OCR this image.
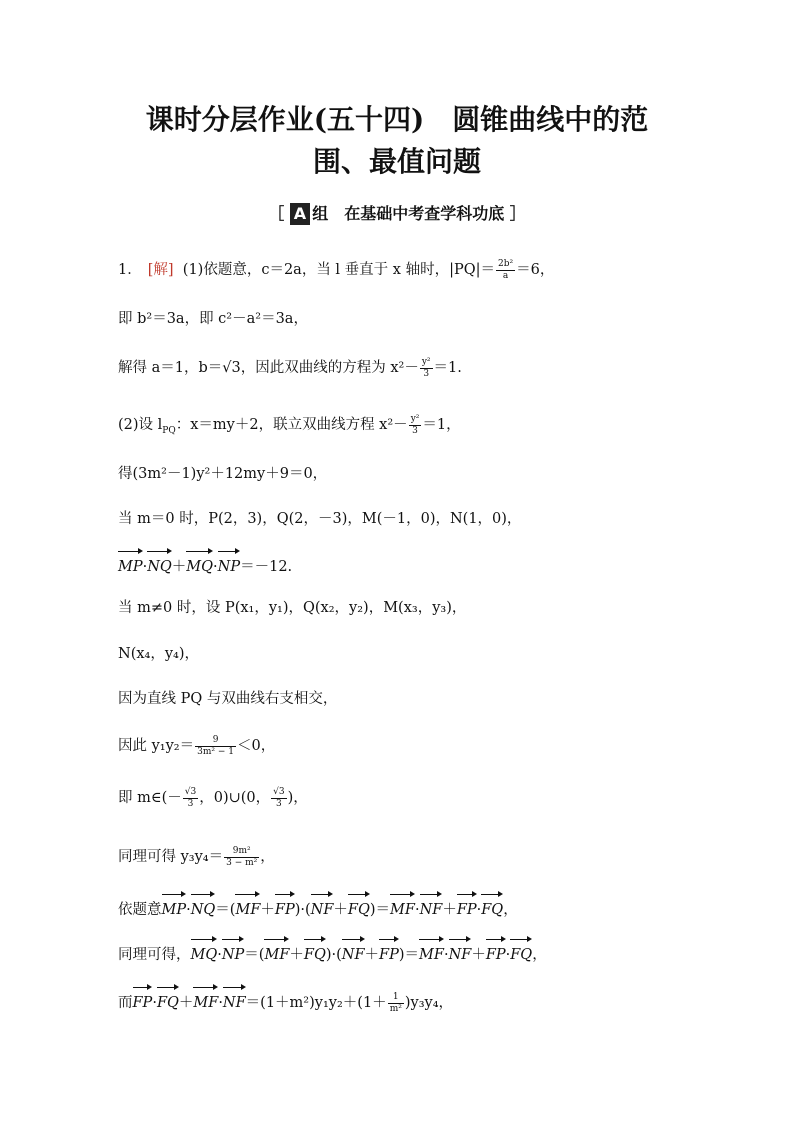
课时分层作业(五十四)　圆锥曲线中的范
围、最值问题
［ A 组　在基础中考查学科功底 ］
1． [解] (1)依题意，c＝2a，当 l 垂直于 x 轴时，$|PQ|= \frac{\text{2b²}}{a} =6$，
即 b²＝3a，即 c²－a²＝3a，
解得 a＝1，b＝√3，因此双曲线的方程为 $x^2- \frac{\text{y²}}{3} =1$.
(2)设 $l_{PQ}$：x＝my＋2，联立双曲线方程 $x^2- \frac{\text{y²}}{3} =1$，
得(3m²－1)y²＋12my＋9＝0，
当 m＝0 时，P(2，3)，Q(2，－3)，M(－1，0)，N(1，0)，
MP·NQ＋MQ·NP＝－12.
当 m≠0 时，设 P(x₁，y₁)，Q(x₂，y₂)，M(x₃，y₃)，
N(x₄，y₄)，
因为直线 PQ 与双曲线右支相交，
因此 $y_1y_2= \frac{9}{\text{3m² − 1}} <0$，
即 m∈(－ $\frac{√3}{3}$ ，0)∪(0， $\frac{√3}{3}$ )，
同理可得 $y_3y_4= \frac{\text{9m²}}{\text{3 − m²}}$ ，
依题意MP·NQ＝(MF＋FP)·(NF＋FQ)＝MF·NF＋FP·FQ，
同理可得，MQ·NP＝(MF＋FQ)·(NF＋FP)＝MF·NF＋FP·FQ，
而$FP\cdot FQ+MF\cdot NF=(1+m^2)y_1y_2+(1+ \frac{1}{\text{m²}} )y_3y_4$，
